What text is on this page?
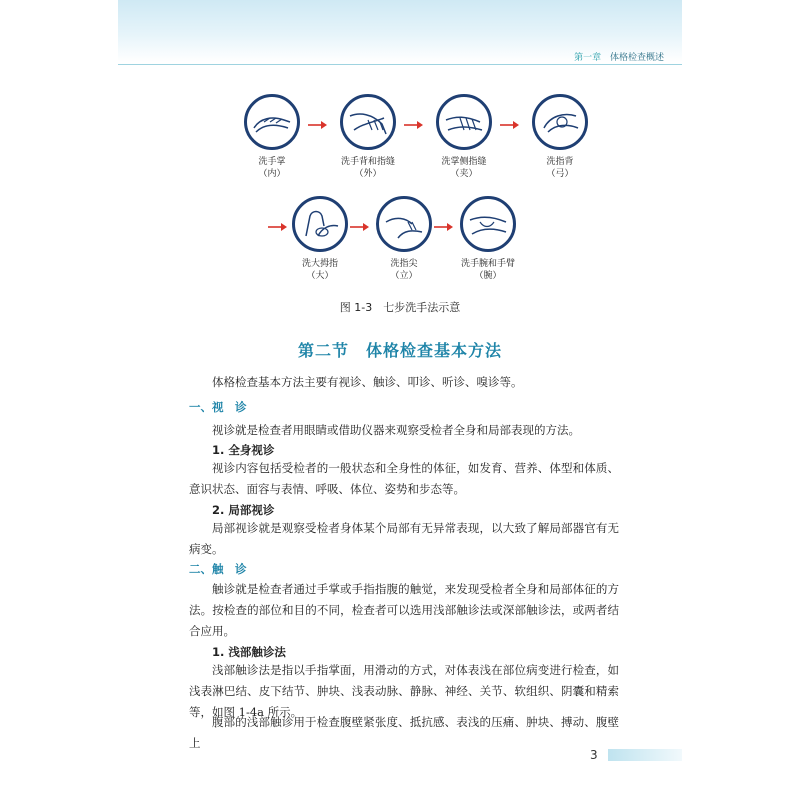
第一章 体格检查概述
洗手掌
（内）
洗手背和指缝
（外）
洗掌侧指缝
（夹）
洗指背
（弓）
洗大拇指
（大）
洗指尖
（立）
洗手腕和手臂
（腕）
图 1-3　七步洗手法示意
第二节　体格检查基本方法
体格检查基本方法主要有视诊、触诊、叩诊、听诊、嗅诊等。
一、视　诊
视诊就是检查者用眼睛或借助仪器来观察受检者全身和局部表现的方法。
1. 全身视诊
视诊内容包括受检者的一般状态和全身性的体征，如发育、营养、体型和体质、意识状态、面容与表情、呼吸、体位、姿势和步态等。
2. 局部视诊
局部视诊就是观察受检者身体某个局部有无异常表现，以大致了解局部器官有无病变。
二、触　诊
触诊就是检查者通过手掌或手指指腹的触觉，来发现受检者全身和局部体征的方法。按检查的部位和目的不同，检查者可以选用浅部触诊法或深部触诊法，或两者结合应用。
1. 浅部触诊法
浅部触诊法是指以手指掌面，用滑动的方式，对体表浅在部位病变进行检查，如浅表淋巴结、皮下结节、肿块、浅表动脉、静脉、神经、关节、软组织、阴囊和精索等，如图 1-4a 所示。
腹部的浅部触诊用于检查腹壁紧张度、抵抗感、表浅的压痛、肿块、搏动、腹壁上
3
